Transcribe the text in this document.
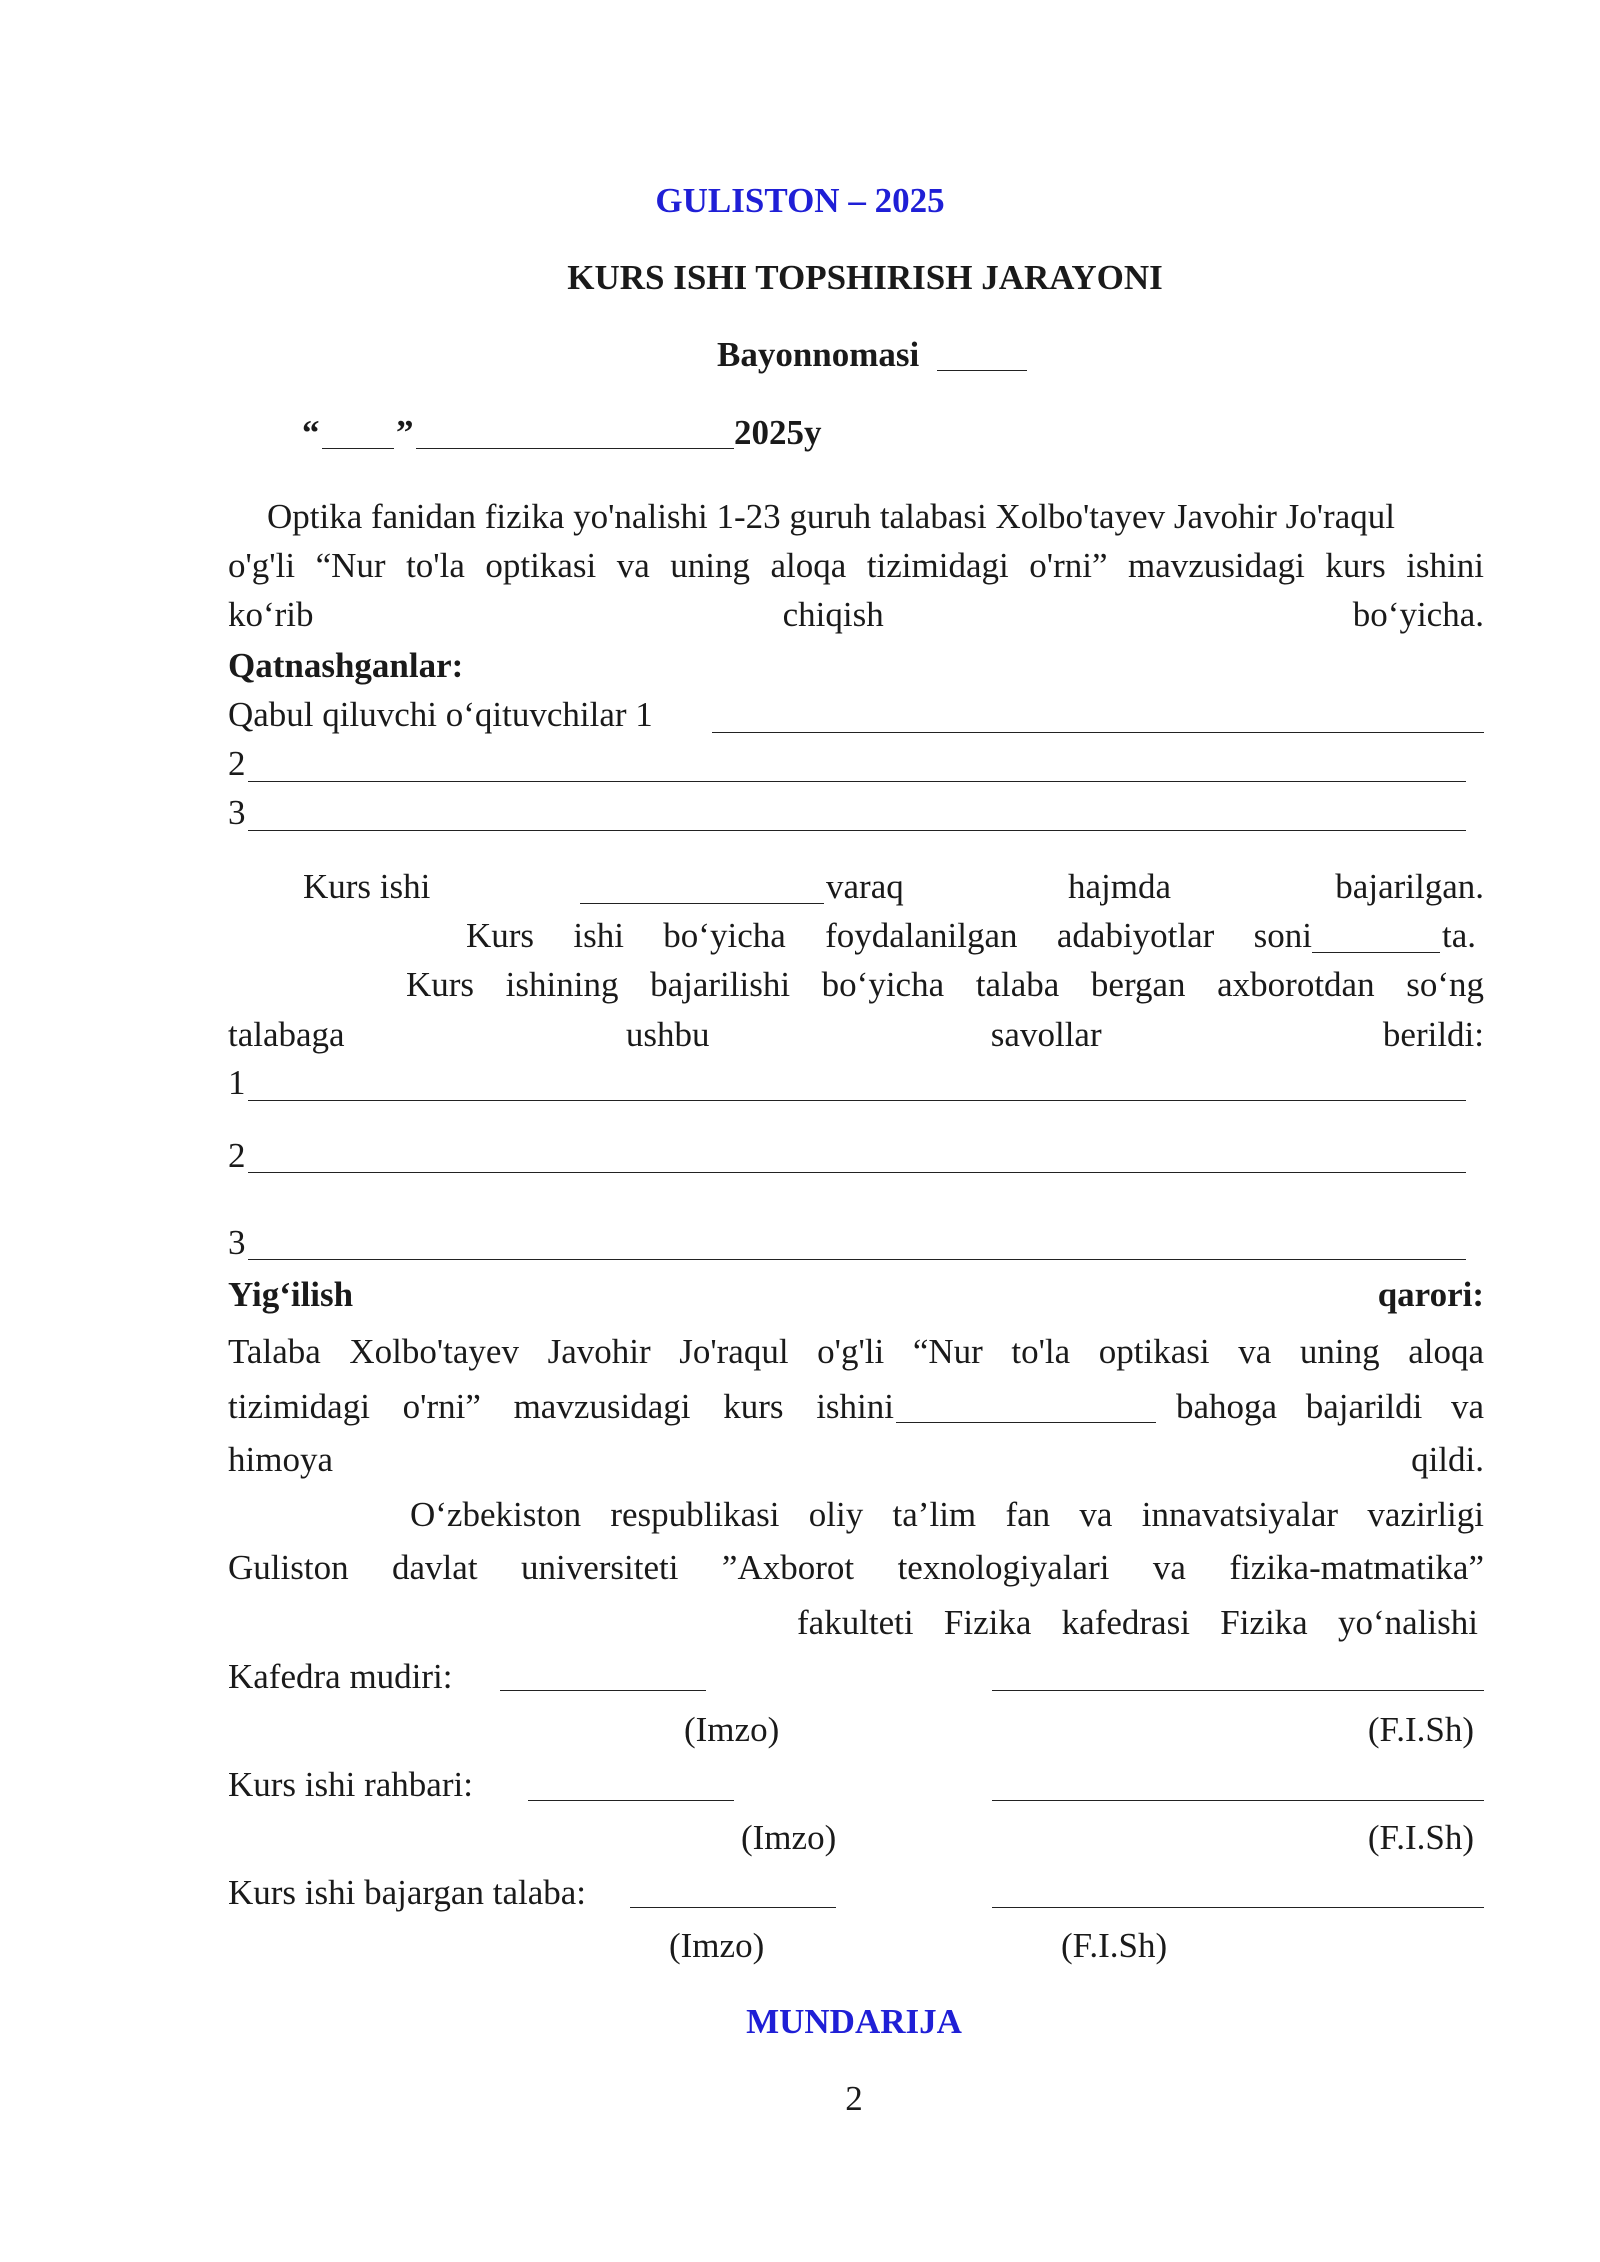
GULISTON – 2025
KURS ISHI TOPSHIRISH JARAYONI
Bayonnomasi
“ ”	2025y
Optika fanidan fizika yo'nalishi 1-23 guruh talabasi Xolbo'tayev Javohir Jo'raqul
o'g'li “Nur to'la optikasi va uning aloqa tizimidagi o'rni” mavzusidagi kurs ishini
ko‘rib chiqish bo‘yicha.
Qatnashganlar:
Qabul qiluvchi o‘qituvchilar 1
2
3
Kurs ishi	varaq hajmda bajarilgan.
Kurs ishi bo‘yicha foydalanilgan adabiyotlar soni	ta.
Kurs ishining bajarilishi bo‘yicha talaba bergan axborotdan so‘ng
talabaga ushbu savollar berildi:
1
2
3
Yig‘ilish	qarori:
Talaba Xolbo'tayev Javohir Jo'raqul o'g'li “Nur to'la optikasi va uning aloqa
tizimidagi o'rni” mavzusidagi kurs ishini	bahoga bajarildi va
himoya qildi.
O‘zbekiston respublikasi oliy ta’lim fan va innavatsiyalar vazirligi
Guliston davlat universiteti ”Axborot texnologiyalari va fizika-matmatika”
fakulteti Fizika kafedrasi Fizika yo‘nalishi
Kafedra mudiri:
(Imzo)	(F.I.Sh)
Kurs ishi rahbari:
(Imzo)	(F.I.Sh)
Kurs ishi bajargan talaba:
(Imzo)	(F.I.Sh)
MUNDARIJA
2
